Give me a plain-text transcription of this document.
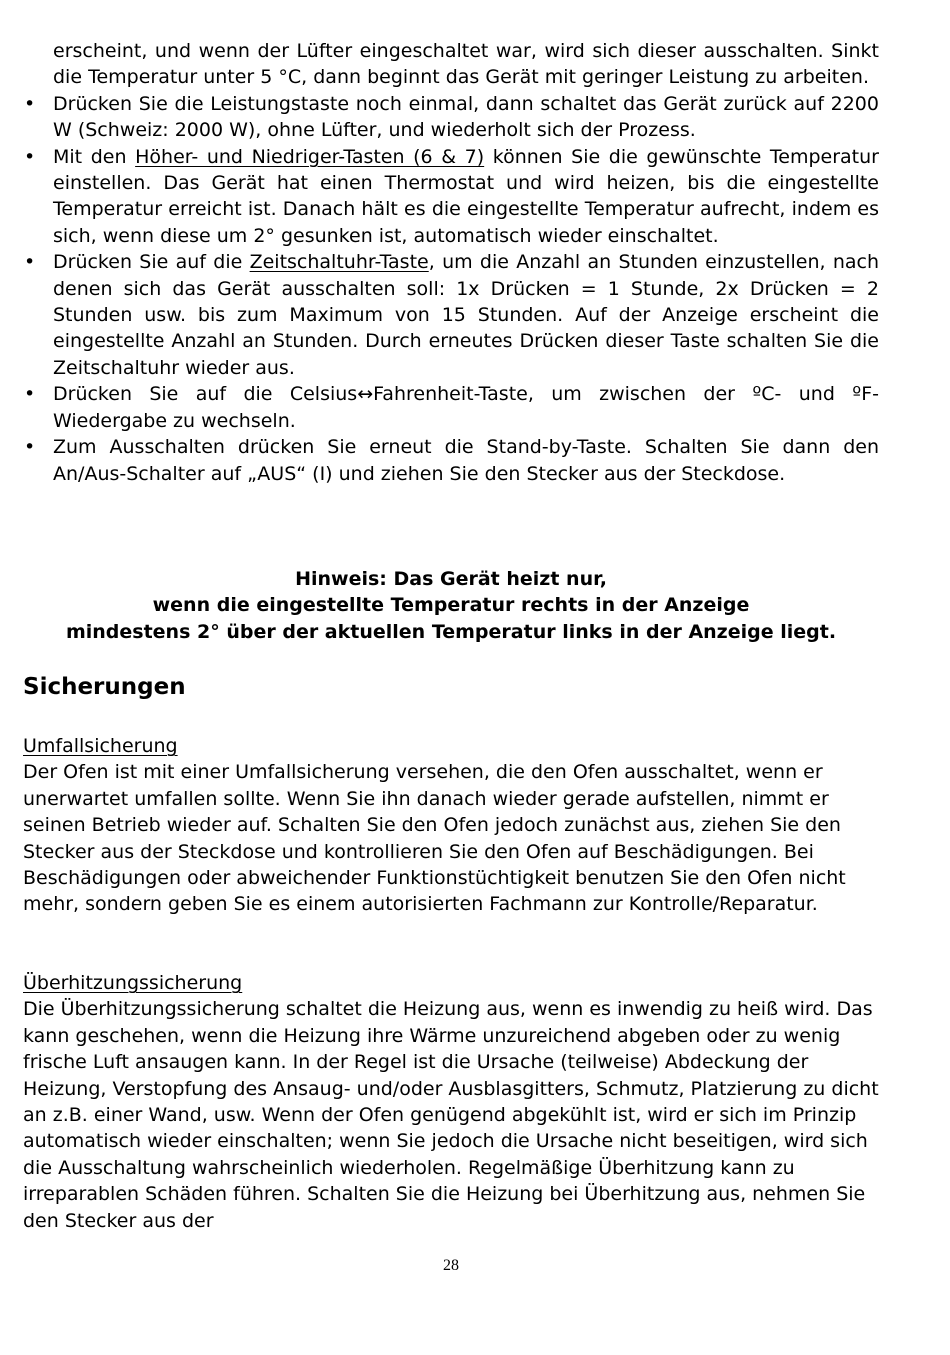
erscheint, und wenn der Lüfter eingeschaltet war, wird sich dieser ausschalten. Sinkt die Temperatur unter 5 °C, dann beginnt das Gerät mit geringer Leistung zu arbeiten.
• Drücken Sie die Leistungstaste noch einmal, dann schaltet das Gerät zurück auf 2200 W (Schweiz: 2000 W), ohne Lüfter, und wiederholt sich der Prozess.
• Mit den Höher- und Niedriger-Tasten (6 & 7) können Sie die gewünschte Temperatur einstellen. Das Gerät hat einen Thermostat und wird heizen, bis die eingestellte Temperatur erreicht ist. Danach hält es die eingestellte Temperatur aufrecht, indem es sich, wenn diese um 2° gesunken ist, automatisch wieder einschaltet.
• Drücken Sie auf die Zeitschaltuhr-Taste, um die Anzahl an Stunden einzustellen, nach denen sich das Gerät ausschalten soll: 1x Drücken = 1 Stunde, 2x Drücken = 2 Stunden usw. bis zum Maximum von 15 Stunden. Auf der Anzeige erscheint die eingestellte Anzahl an Stunden. Durch erneutes Drücken dieser Taste schalten Sie die Zeitschaltuhr wieder aus.
• Drücken Sie auf die Celsius↔Fahrenheit-Taste, um zwischen der ºC- und ºF-Wiedergabe zu wechseln.
• Zum Ausschalten drücken Sie erneut die Stand-by-Taste. Schalten Sie dann den An/Aus-Schalter auf „AUS“ (I) und ziehen Sie den Stecker aus der Steckdose.
Hinweis: Das Gerät heizt nur,
wenn die eingestellte Temperatur rechts in der Anzeige
mindestens 2° über der aktuellen Temperatur links in der Anzeige liegt.
Sicherungen
Umfallsicherung

Der Ofen ist mit einer Umfallsicherung versehen, die den Ofen ausschaltet, wenn er unerwartet umfallen sollte. Wenn Sie ihn danach wieder gerade aufstellen, nimmt er seinen Betrieb wieder auf. Schalten Sie den Ofen jedoch zunächst aus, ziehen Sie den Stecker aus der Steckdose und kontrollieren Sie den Ofen auf Beschädigungen. Bei Beschädigungen oder abweichender Funktionstüchtigkeit benutzen Sie den Ofen nicht mehr, sondern geben Sie es einem autorisierten Fachmann zur Kontrolle/Reparatur.

Überhitzungssicherung

Die Überhitzungssicherung schaltet die Heizung aus, wenn es inwendig zu heiß wird. Das kann geschehen, wenn die Heizung ihre Wärme unzureichend abgeben oder zu wenig frische Luft ansaugen kann. In der Regel ist die Ursache (teilweise) Abdeckung der Heizung, Verstopfung des Ansaug- und/oder Ausblasgitters, Schmutz, Platzierung zu dicht an z.B. einer Wand, usw. Wenn der Ofen genügend abgekühlt ist, wird er sich im Prinzip automatisch wieder einschalten; wenn Sie jedoch die Ursache nicht beseitigen, wird sich die Ausschaltung wahrscheinlich wiederholen. Regelmäßige Überhitzung kann zu irreparablen Schäden führen. Schalten Sie die Heizung bei Überhitzung aus, nehmen Sie den Stecker aus der

28
